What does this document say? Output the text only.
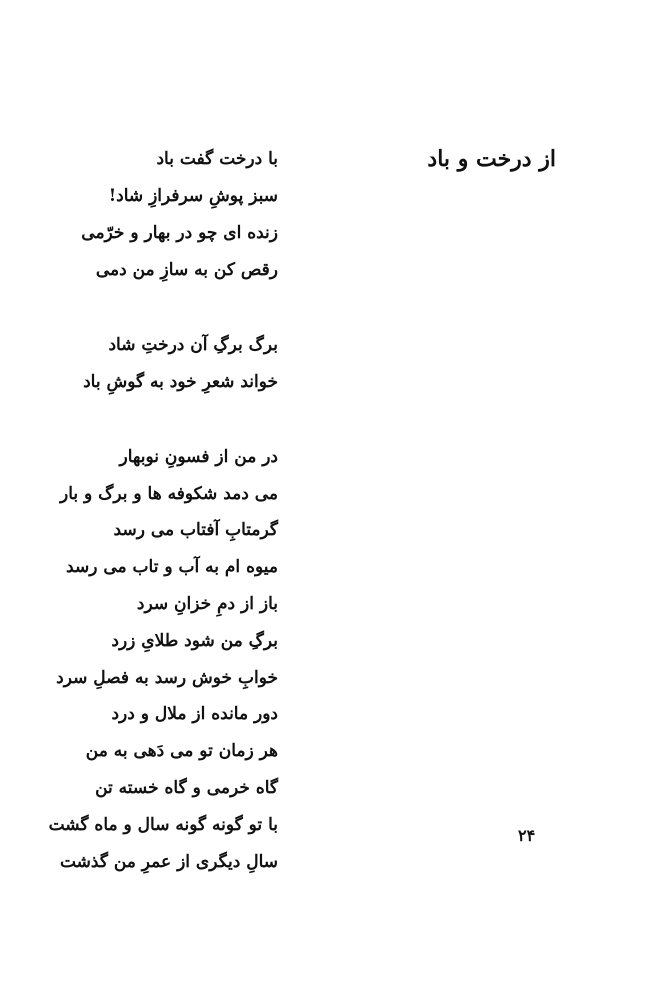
از درخت و باد
با درخت گفت باد
سبز پوشِ سرفرازِ شاد!
زنده ای چو در بهار و خرّمی
رقص کن به سازِ من دمی
برگ برگِ آن درختِ شاد
خواند شعرِ خود به گوشِ باد
در من از فسونِ نوبهار
می دمد شکوفه ها و برگ و بار
گرمتابِ آفتاب می رسد
میوه ام به آب و تاب می رسد
باز از دمِ خزانِ سرد
برگِ من شود طلایِ زرد
خوابِ خوش رسد به فصلِ سرد
دور مانده از ملال و درد
هر زمان تو می دَهی به من
گاه خرمی و گاه خسته تن
با تو گونه گونه سال و ماه گشت
سالِ دیگری از عمرِ من گذشت
۲۴
